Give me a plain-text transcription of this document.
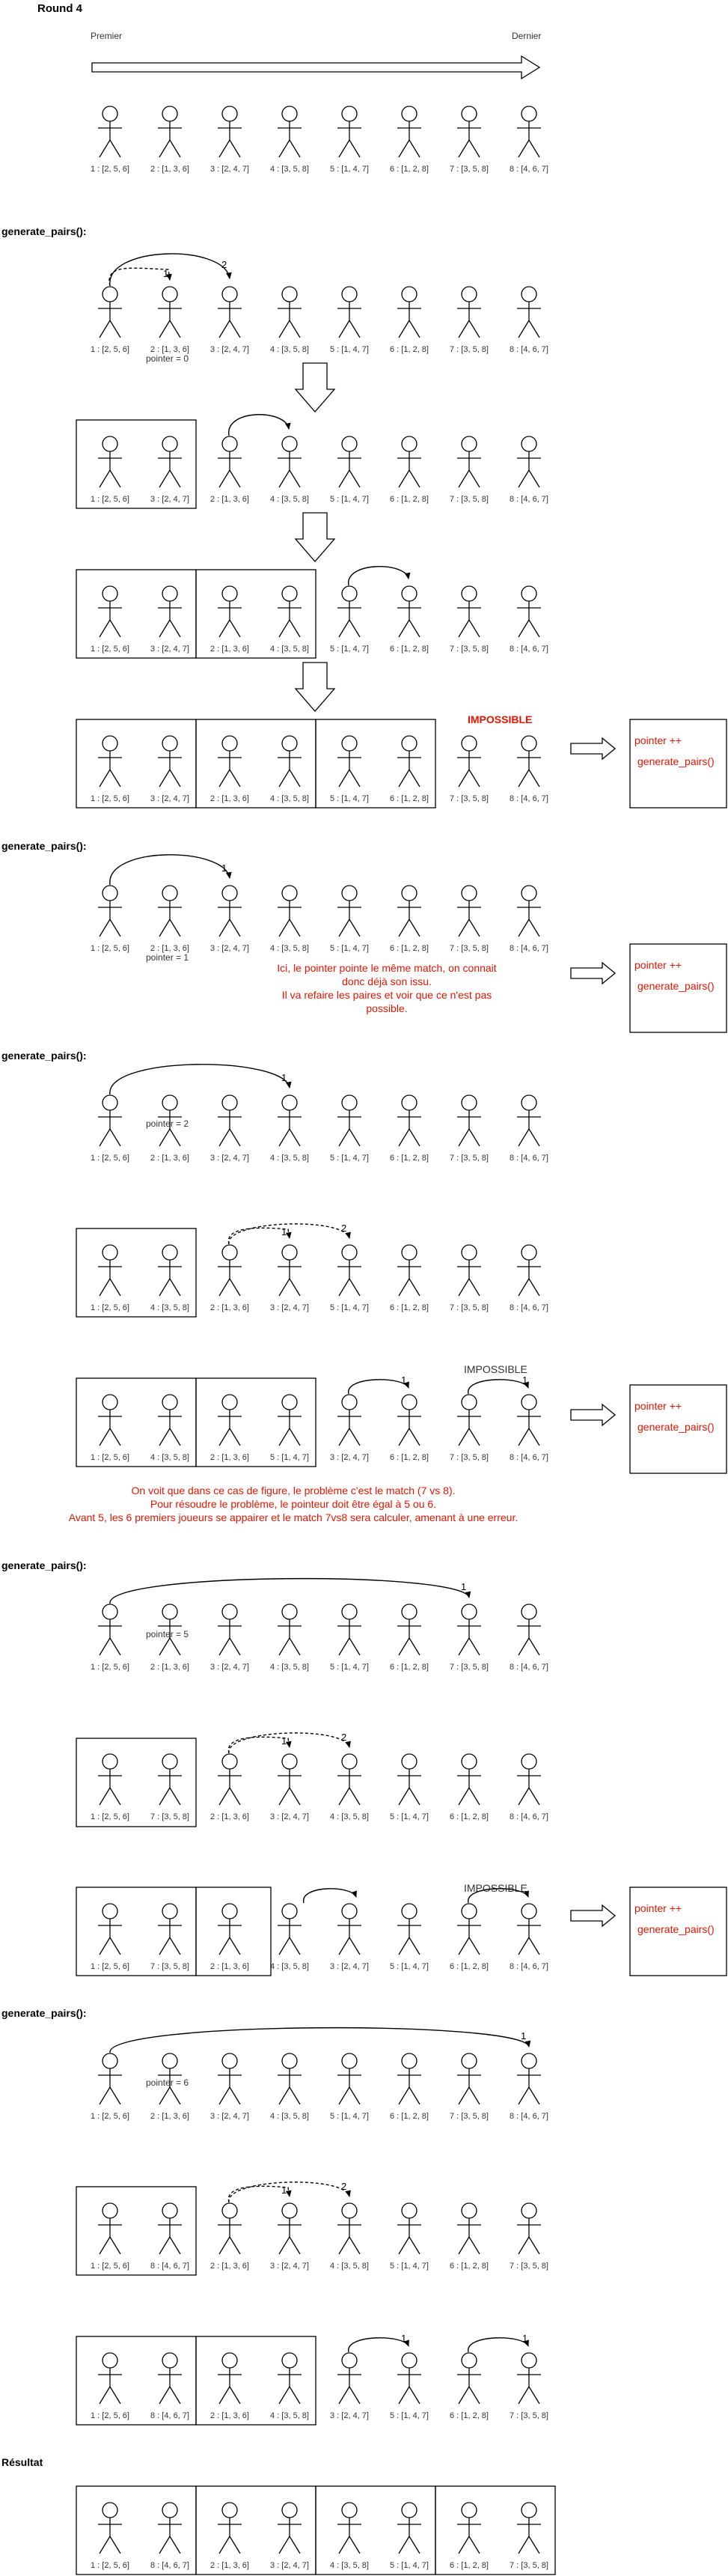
Round 4
Premier	Dernier
1 : [2, 5, 6]	2 : [1, 3, 6]	3 : [2, 4, 7]	4 : [3, 5, 8]	5 : [1, 4, 7]	6 : [1, 2, 8]	7 : [3, 5, 8]	8 : [4, 6, 7]
1 : [2, 5, 6]	2 : [1, 3, 6]	3 : [2, 4, 7]	4 : [3, 5, 8]	5 : [1, 4, 7]	6 : [1, 2, 8]	7 : [3, 5, 8]	8 : [4, 6, 7]
1 : [2, 5, 6]	3 : [2, 4, 7]	2 : [1, 3, 6]	4 : [3, 5, 8]	5 : [1, 4, 7]	6 : [1, 2, 8]	7 : [3, 5, 8]	8 : [4, 6, 7]
1 : [2, 5, 6]	3 : [2, 4, 7]	2 : [1, 3, 6]	4 : [3, 5, 8]	5 : [1, 4, 7]	6 : [1, 2, 8]	7 : [3, 5, 8]	8 : [4, 6, 7]
1 : [2, 5, 6]	3 : [2, 4, 7]	2 : [1, 3, 6]	4 : [3, 5, 8]	5 : [1, 4, 7]	6 : [1, 2, 8]	7 : [3, 5, 8]	8 : [4, 6, 7]
1 : [2, 5, 6]	2 : [1, 3, 6]	3 : [2, 4, 7]	4 : [3, 5, 8]	5 : [1, 4, 7]	6 : [1, 2, 8]	7 : [3, 5, 8]	8 : [4, 6, 7]
1 : [2, 5, 6]	2 : [1, 3, 6]	3 : [2, 4, 7]	4 : [3, 5, 8]	5 : [1, 4, 7]	6 : [1, 2, 8]	7 : [3, 5, 8]	8 : [4, 6, 7]
1 : [2, 5, 6]	4 : [3, 5, 8]	2 : [1, 3, 6]	3 : [2, 4, 7]	5 : [1, 4, 7]	6 : [1, 2, 8]	7 : [3, 5, 8]	8 : [4, 6, 7]
1 : [2, 5, 6]	4 : [3, 5, 8]	2 : [1, 3, 6]	5 : [1, 4, 7]	3 : [2, 4, 7]	6 : [1, 2, 8]	7 : [3, 5, 8]	8 : [4, 6, 7]
1 : [2, 5, 6]	2 : [1, 3, 6]	3 : [2, 4, 7]	4 : [3, 5, 8]	5 : [1, 4, 7]	6 : [1, 2, 8]	7 : [3, 5, 8]	8 : [4, 6, 7]
1 : [2, 5, 6]	7 : [3, 5, 8]	2 : [1, 3, 6]	3 : [2, 4, 7]	4 : [3, 5, 8]	5 : [1, 4, 7]	6 : [1, 2, 8]	8 : [4, 6, 7]
1 : [2, 5, 6]	7 : [3, 5, 8]	2 : [1, 3, 6]	4 : [3, 5, 8]	3 : [2, 4, 7]	5 : [1, 4, 7]	6 : [1, 2, 8]	8 : [4, 6, 7]
1 : [2, 5, 6]	2 : [1, 3, 6]	3 : [2, 4, 7]	4 : [3, 5, 8]	5 : [1, 4, 7]	6 : [1, 2, 8]	7 : [3, 5, 8]	8 : [4, 6, 7]
1 : [2, 5, 6]	8 : [4, 6, 7]	2 : [1, 3, 6]	3 : [2, 4, 7]	4 : [3, 5, 8]	5 : [1, 4, 7]	6 : [1, 2, 8]	7 : [3, 5, 8]
1 : [2, 5, 6]	8 : [4, 6, 7]	2 : [1, 3, 6]	4 : [3, 5, 8]	3 : [2, 4, 7]	5 : [1, 4, 7]	6 : [1, 2, 8]	7 : [3, 5, 8]
1 : [2, 5, 6]	8 : [4, 6, 7]	2 : [1, 3, 6]	3 : [2, 4, 7]	4 : [3, 5, 8]	5 : [1, 4, 7]	6 : [1, 2, 8]	7 : [3, 5, 8]
generate_pairs():
generate_pairs():
generate_pairs():
generate_pairs():
generate_pairs():
Résultat
pointer = 0
pointer = 1
pointer = 2
pointer = 5
pointer = 6
IMPOSSIBLE
IMPOSSIBLE
IMPOSSIBLE
pointer ++
generate_pairs()
pointer ++
generate_pairs()
pointer ++
generate_pairs()
pointer ++
generate_pairs()
Ici, le pointer pointe le même match, on connait
donc déjà son issu.
Il va refaire les paires et voir que ce n'est pas
possible.
On voit que dans ce cas de figure, le problème c'est le match (7 vs 8).
Pour résoudre le problème, le pointeur doit être égal à 5 ou 6.
Avant 5, les 6 premiers joueurs se appairer et le match 7vs8 sera calculer, amenant à une erreur.
1
2
1
1
1	2
1	1
1
1	2
1
1	2
1	1
